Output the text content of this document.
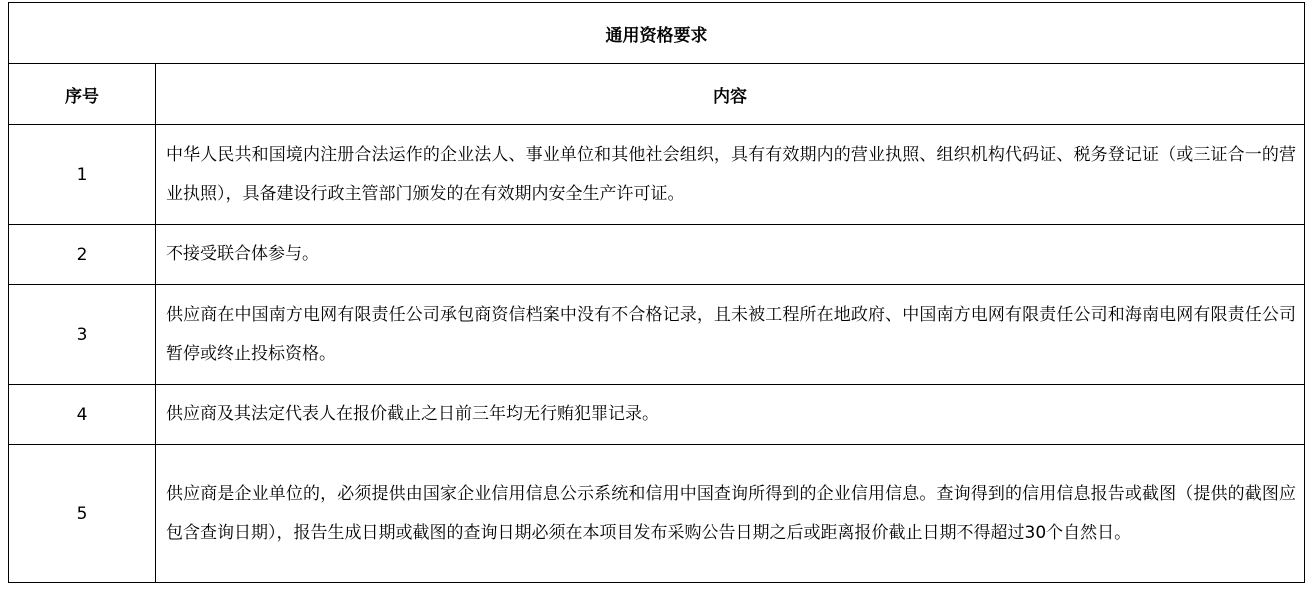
通用资格要求	
序号	内容
1	中华人民共和国境内注册合法运作的企业法人、事业单位和其他社会组织，具有有效期内的营业执照、组织机构代码证、税务登记证（或三证合一的营业执照），具备建设行政主管部门颁发的在有效期内安全生产许可证。
2	不接受联合体参与。
3	供应商在中国南方电网有限责任公司承包商资信档案中没有不合格记录，且未被工程所在地政府、中国南方电网有限责任公司和海南电网有限责任公司暂停或终止投标资格。
4	供应商及其法定代表人在报价截止之日前三年均无行贿犯罪记录。
5	供应商是企业单位的，必须提供由国家企业信用信息公示系统和信用中国查询所得到的企业信用信息。查询得到的信用信息报告或截图（提供的截图应包含查询日期），报告生成日期或截图的查询日期必须在本项目发布采购公告日期之后或距离报价截止日期不得超过30个自然日。
